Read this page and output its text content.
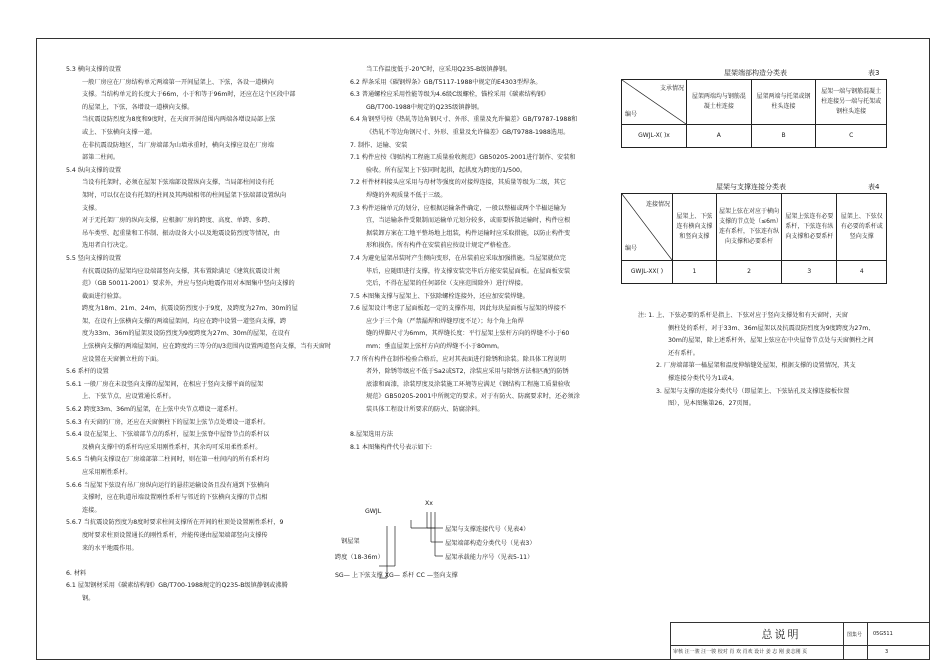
5.3 横向支撑的设置

一般厂房应在厂房结构单元两端第一开间屋架上、下弦，各设一道横向

支撑。当结构单元的长度大于66m，小于和等于96m时，还应在这个区段中部

的屋架上，下弦，各增设一道横向支撑。

当抗震设防烈度为8度和9度时，在天窗开洞范围内两端各增设局部上弦

或上、下弦横向支撑一道。

在非抗震设防地区，当厂房端部为山墙承重时，横向支撑应设在厂房端

部第二柱间。

5.4 纵向支撑的设置

当设有托架时，必须在屋架下弦端部设置纵向支撑，当局部柱间设有托

架时，可以仅在设有托架的柱间及其两端相邻的柱间屋架下弦端部设置纵向

支撑。

对于无托架厂房的纵向支撑，应根据厂房的跨度、高度、单跨、多跨、

吊车类型、起重量和工作制、振动设备大小以及地震设防烈度等情况，由

选用者自行决定。

5.5 竖向支撑的设置

有抗震设防的屋架均应设端部竖向支撑，其布置除满足《建筑抗震设计规

范》（GB 50011-2001）要求外，并应与竖向地震作用对本图集中竖向支撑的

截面进行验算。

跨度为18m、21m、24m，抗震设防烈度小于9度，及跨度为27m、30m的屋

架，在设有上弦横向支撑的两端屋架间，均应在跨中设置一道竖向支撑，跨

度为33m、36m的屋架及设防烈度为9度跨度为27m、30m的屋架，在设有

上弦横向支撑的两端屋架间，应在跨度约三等分的I/3范围内设置两道竖向支撑，当有天窗时

应设置在天窗侧立柱的下面。

5.6 系杆的设置

5.6.1 一般厂房在未设竖向支撑的屋架间，在相应于竖向支撑平面的屋架

上、下弦节点，应设置通长系杆。

5.6.2 跨度33m、36m的屋架，在上弦中央节点增设一道系杆。

5.6.3 有天窗的厂房，还应在天窗侧柱下的屋架上弦节点处增设一道系杆。

5.6.4 设在屋架上、下弦端部节点的系杆，屋架上弦脊中屋脊节点的系杆以

及横向支撑中的系杆均应采用刚性系杆，其余均可采用柔性系杆。

5.6.5 当横向支撑设在厂房端部第二柱间时，则在第一柱间内的所有系杆均

应采用刚性系杆。

5.6.6 当屋架下弦设有吊厂房纵向运行的悬挂运输设备且没有通到下弦横向

支撑时，应在轨道吊端设置刚性系杆与邻近的下弦横向支撑的节点相

连接。

5.6.7 当抗震设防烈度为8度时要求柱间支撑所在开间的柱顶处设置刚性系杆，9

度时要求柱顶设置通长的刚性系杆，并能传递由屋架端部竖向支撑传

来的水平地震作用。

6. 材料

6.1 屋架钢材采用《碳素结构钢》GB/T700-1988规定的Q235-B级镇静钢或沸腾

钢。

当工作温度低于-20℃时，应采用Q235-B级镇静钢。

6.2 焊条采用《碳钢焊条》GB/T5117-1988中规定的E4303型焊条。

6.3 普通螺栓应采用性能等级为4.6级C级螺栓，锚栓采用《碳素结构钢》

GB/T700-1988中规定的Q235级镇静钢。

6.4 角钢型号按《热轧等边角钢尺寸、外形、重量及允许偏差》GB/T9787-1988和

《热轧不等边角钢尺寸、外形、重量及允许偏差》GB/T9788-1988选用。

7. 制作、运输、安装

7.1 构件应按《钢结构工程施工质量验收规范》GB50205-2001进行制作、安装和

验收。所有屋架上下弦同时起拱，起拱度为跨度的1/500。

7.2 杆件材料接头应采用与母材等强度的对接焊连接，其质量等级为二级，其它

焊缝的外观质量不低于三级。

7.3 构件运输单元的划分，应根据运输条件确定，一般以整榀或两个半榀运输为

宜，当运输条件受限制而运输单元划分较多，或需要拆散运输时，构件应根

据装卸方案在工地平整场地上组装，构件运输时应采取措施，以防止构件变

形和损伤。所有构件在安装前应按设计规定严格检查。

7.4 为避免屋架吊装时产生侧向变形，在吊装前应采取加强措施。当屋架就位完

毕后，应随即进行支撑，待支撑安装完毕后方能安装屋面板。在屋面板安装

完后，不得在屋架的任何部位（支座范围除外）进行焊接。

7.5 本图集支撑与屋架上、下弦除螺栓连接外，还应加安装焊缝。

7.6 屋架设计考虑了屋面板起一定的支撑作用，因此每块屋面板与屋架的焊接不

应少于三个角（严禁漏焊和焊缝厚度不足）；每个角上角焊

缝的焊脚尺寸为6mm，其焊缝长度：平行屋架上弦杆方向的焊缝不小于60

mm；垂直屋架上弦杆方向的焊缝不小于80mm。

7.7 所有构件在制作检验合格后，应对其表面进行除锈和涂装。除具体工程说明

者外，除锈等级应不低于Sa2或ST2，涂装应采用与除锈方法相匹配的防锈

底漆和面漆，涂装厚度及涂装施工环境等应满足《钢结构工程施工质量验收

规范》GB50205-2001中所规定的要求。对于有防火、防腐要求时，还必须涂

装具体工程设计所要求的防火、防腐涂料。

8.屋架选用方法

8.1 本图集构件代号表示如下:

GWJL
Xx
屋架与支撑连接代号（见表4）
屋架端部构造分类代号（见表3）
屋架承载能力序号（见表5-11）
钢屋架
跨度（18-36m）
SG— 上下弦支撑 XG— 系杆 CC —竖向支撑
屋架端部构造分类表	表3
支承情况
编号	屋架两端均与钢筋混凝土柱连接	屋架两端与托架或钢柱头连接	屋架一端与钢筋混凝土柱连接另一端与托架或钢柱头连接
GWJL-X( )x	A	B	C
屋架与支撑连接分类表	表4
连接情况
编号	屋架上、下弦连有横向支撑和竖向支撑	屋架上弦在对应于横向支撑的节点处（≤6m）连有系杆，下弦连有纵向支撑和必要系杆	屋架上弦连有必要系杆，下弦连有纵向支撑和必要系杆	屋架上、下弦仅有必要的系杆或竖向支撑
GWJL-XX( )	1	2	3	4

注: 1. 上、下弦必要的系杆是指上、下弦对应于竖向支撑处和有天窗时，天窗

侧柱处的系杆，对于33m、36m屋架以及抗震设防烈度为9度跨度为27m、

30m的屋架，除上述系杆外，屋架上弦应在中央屋脊节点处与天窗侧柱之间

还有系杆。

2. 厂房端部第一榀屋架和温度伸缩缝处屋架，根据支撑的设置情况，其支

撑连接分类代号为1或4。

3. 屋架与支撑的连接分类代号（即屋架上、下弦钻孔及支撑连接板位置

图），见本图集第26、27页图。

总说明	图集号 05G511
审核 汪一骏 汪一骏 校对 肖 欢 肖欢 设计 姜 志 刚 姜志刚 页	3
